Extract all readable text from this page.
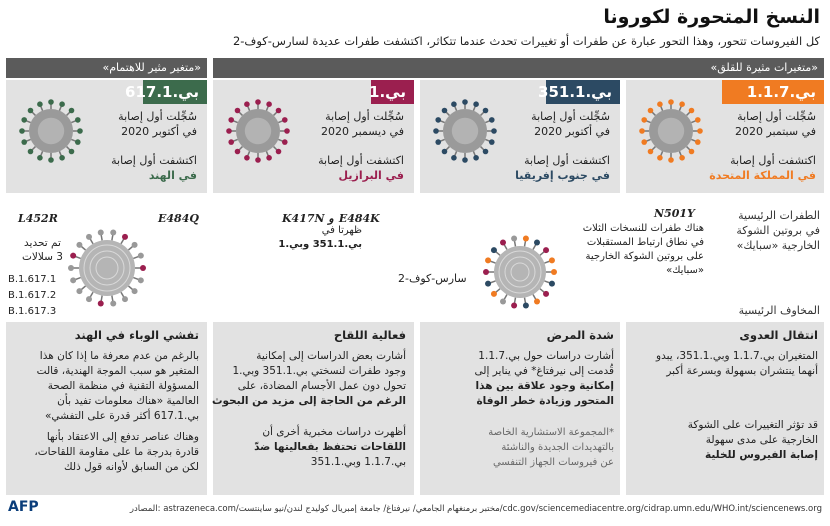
النسخ المتحورة لكورونا
كل الفيروسات تتحور، وهذا التحور عبارة عن طفرات أو تغييرات تحدث عندما تتكاثر، اكتشفت طفرات عديدة لسارس-كوف-2
«متغيرات مثيرة للقلق»
«متغير مثير للاهتمام»
بي.1.1.7
بي.351.1
بي.1
بي.617.1
سُجِّلت أول إصابة
في سبتمبر 2020
اكتشفت أول إصابة
في المملكة المتحدة
سُجِّلت أول إصابة
في أكتوبر 2020
اكتشفت أول إصابة
في جنوب إفريقيا
سُجِّلت أول إصابة
في ديسمبر 2020
اكتشفت أول إصابة
في البرازيل
سُجِّلت أول إصابة
في أكتوبر 2020
اكتشفت أول إصابة
في الهند
الطفرات الرئيسية
في بروتين الشوكة
الخارجية «سبايك»
N501Y
هناك طفرات للنسخات الثلاث
في نطاق ارتباط المستقبلات
على بروتين الشوكة الخارجية
«سبايك»
E484K و K417N
ظهرتا في
بي.351.1 وبي.1
سارس-كوف-2
L452R	E484Q
تم تحديد
3 سلالات
B.1.617.1
B.1.617.2
B.1.617.3	المخاوف الرئيسية
انتقال العدوى
المتغيران بي.1.1.7 وبي.351.1، يبدو
أنهما ينتشران بسهولة وبسرعة أكبر
قد تؤثر التغييرات على الشوكة
الخارجية على مدى سهولة
إصابة الفيروس للخلية
شدة المرض
أشارت دراسات حول بي.1.1.7
قُدمت إلى نيرفتاغ* في يناير إلى
إمكانية وجود علاقة بين هذا
المتحور وزيادة خطر الوفاة
*المجموعة الاستشارية الخاصة
بالتهديدات الجديدة والناشئة
عن فيروسات الجهاز التنفسي
فعالية اللقاح
أشارت بعض الدراسات إلى إمكانية
وجود طفرات لنسختي بي.351.1 وبي.1
تحول دون عمل الأجسام المضادة، على
الرغم من الحاجة إلى مزيد من البحوث
أظهرت دراسات مخبرية أخرى أن
اللقاحات تحتفظ بفعاليتها ضدّ
بي.1.1.7 وبي.351.1
تفشي الوباء في الهند
بالرغم من عدم معرفة ما إذا كان هذا
المتغير هو سبب الموجة الهندية، قالت
المسؤولة التقنية في منظمة الصحة
العالمية «هناك معلومات تفيد بأن
بي.617.1 أكثر قدرة على التفشي»
وهناك عناصر تدفع إلى الاعتقاد بأنها
قادرة بدرجة ما على مقاومة اللقاحات،
لكن من السابق لأوانه قول ذلك
المصادر: astrazeneca.com/مختبر برمنغهام الجامعي/ نيرفتاغ/ جامعة إمبريال كوليدج لندن/نيو ساينتست/cdc.gov/sciencemediacentre.org/cidrap.umn.edu/WHO.int/sciencenews.org
AFP
